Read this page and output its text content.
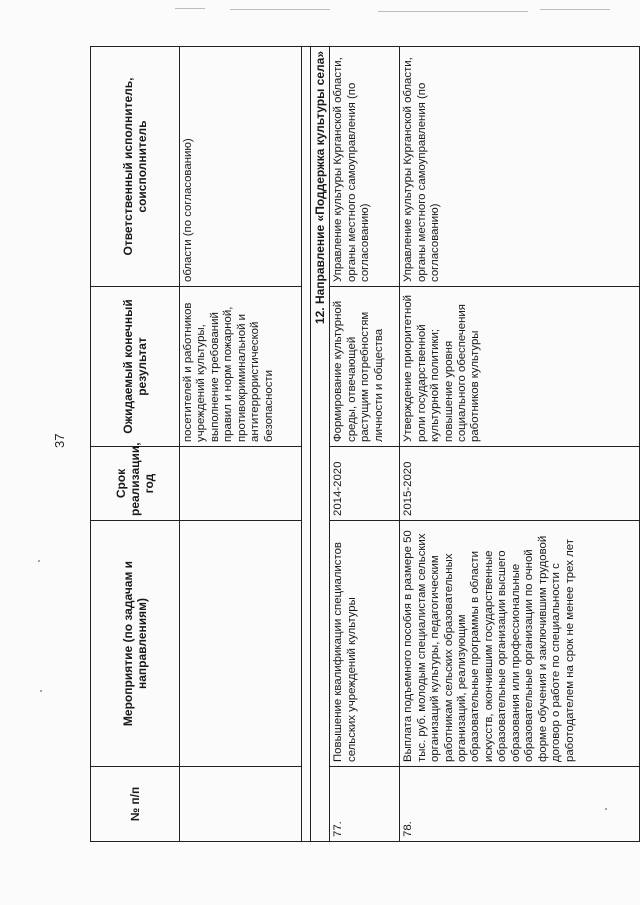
37
№ п/п	Мероприятие (по задачам и направлениям)	Срок реализации, год	Ожидаемый конечный результат	Ответственный исполнитель, соисполнитель
			посетителей и работников учреждений культуры, выполнение требований правил и норм пожарной, противокриминальной и антитеррористической безопасности	области (по согласованию)

12. Направление «Поддержка культуры села»				
77.	Повышение квалификации специалистов сельских учреждений культуры	2014-2020	Формирование культурной среды, отвечающей растущим потребностям личности и общества	Управление культуры Курганской области, органы местного самоуправления (по согласованию)
78.	Выплата подъемного пособия в размере 50 тыс. руб. молодым специалистам сельских организаций культуры, педагогическим работникам сельских образовательных организаций, реализующим образовательные программы в области искусств, окончившим государственные образовательные организации высшего образования или профессиональные образовательные организации по очной форме обучения и заключившим трудовой договор о работе по специальности с работодателем на срок не менее трех лет	2015-2020	Утверждение приоритетной роли государственной культурной политики; повышение уровня социального обеспечения работников культуры	Управление культуры Курганской области, органы местного самоуправления (по согласованию)
